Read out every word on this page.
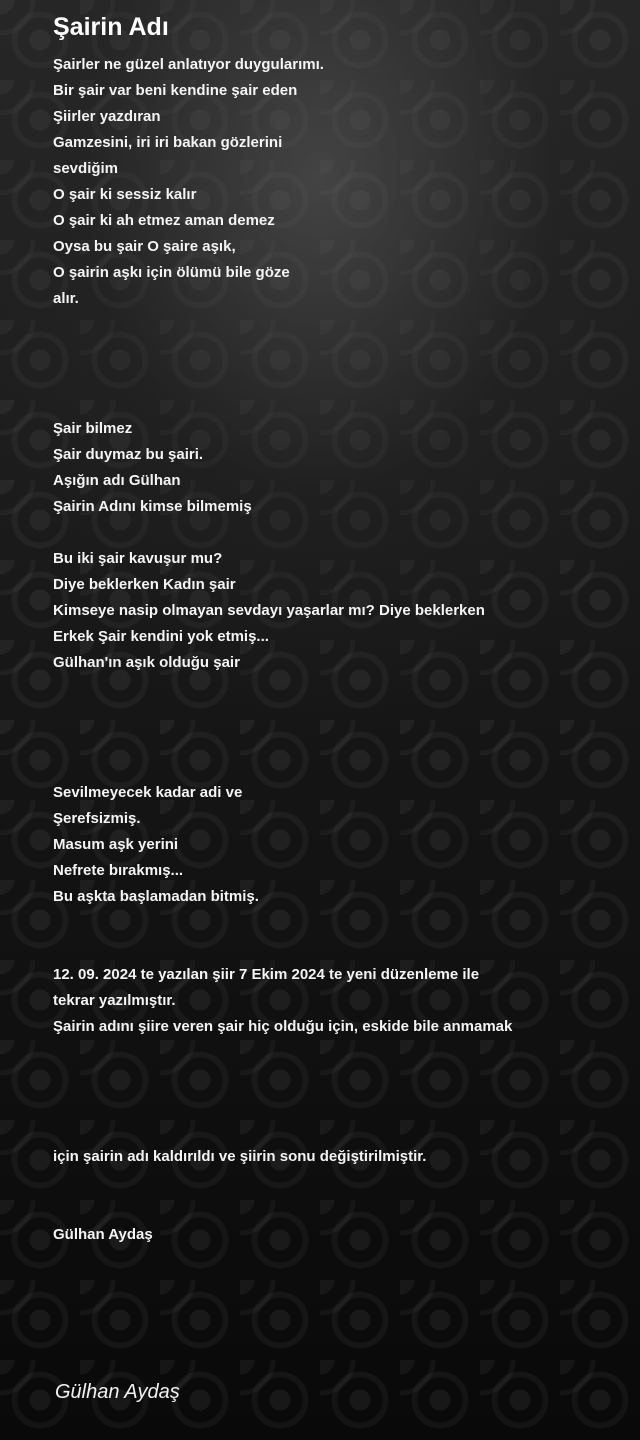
Şairin Adı
Şairler ne güzel anlatıyor duygularımı.
Bir şair var beni kendine şair eden
Şiirler yazdıran
Gamzesini, iri iri bakan gözlerini
sevdiğim
O şair ki sessiz kalır
O şair ki ah etmez aman demez
Oysa bu şair O şaire aşık,
O şairin aşkı için ölümü bile göze
alır.
Şair bilmez
Şair duymaz bu şairi.
Aşığın adı Gülhan
Şairin Adını kimse bilmemiş
Bu iki şair kavuşur mu?
Diye beklerken Kadın şair
Kimseye nasip olmayan sevdayı yaşarlar mı? Diye beklerken
Erkek Şair kendini yok etmiş...
Gülhan'ın aşık olduğu şair
Sevilmeyecek kadar adi ve
Şerefsizmiş.
Masum aşk yerini
Nefrete bırakmış...
Bu aşkta başlamadan bitmiş.
12. 09. 2024 te yazılan şiir 7 Ekim 2024 te yeni düzenleme ile
tekrar yazılmıştır.
Şairin adını şiire veren şair hiç olduğu için, eskide bile anmamak
için şairin adı kaldırıldı ve şiirin sonu değiştirilmiştir.
Gülhan Aydaş
Gülhan Aydaş
